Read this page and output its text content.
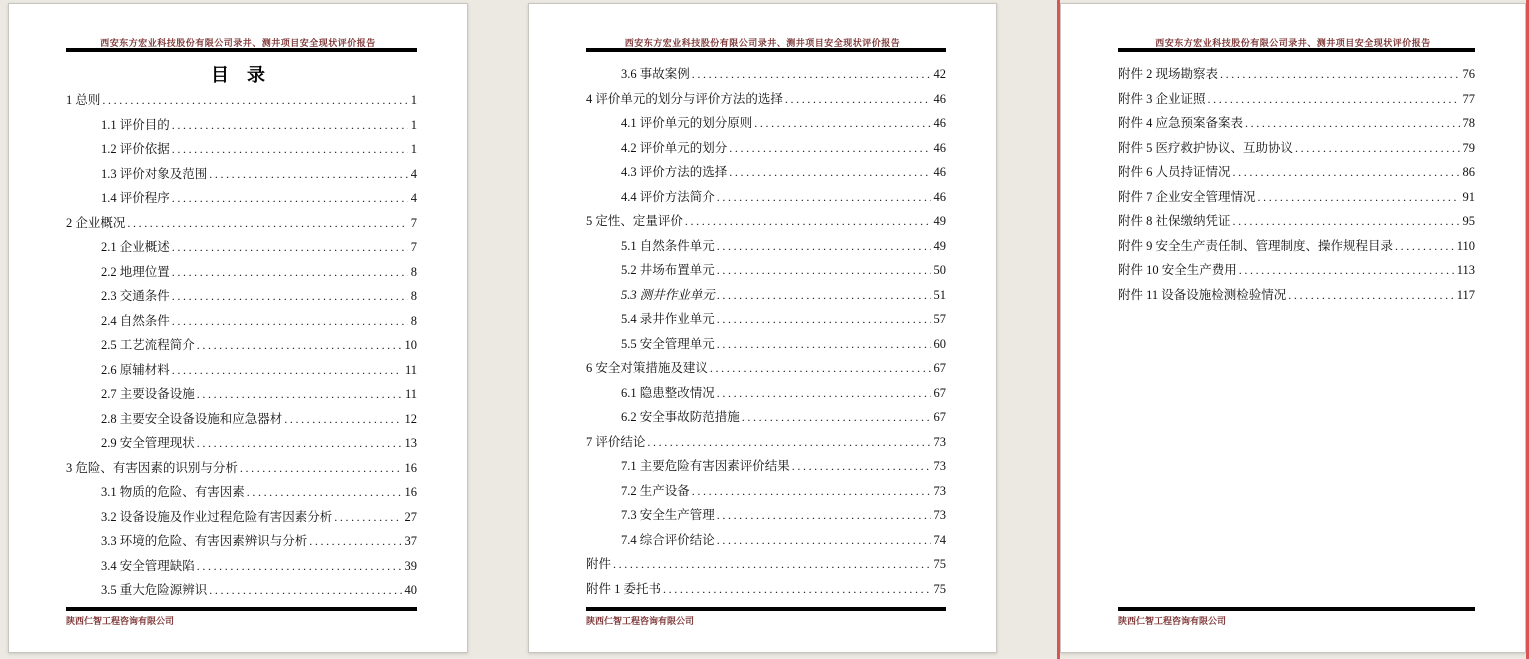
西安东方宏业科技股份有限公司录井、测井项目安全现状评价报告
目　录
1 总则 .....	1
1.1 评价目的 .....	1
1.2 评价依据 .....	1
1.3 评价对象及范围 .....	4
1.4 评价程序 .....	4
2 企业概况 .....	7
2.1 企业概述 .....	7
2.2 地理位置 .....	8
2.3 交通条件 .....	8
2.4 自然条件 .....	8
2.5 工艺流程简介 .....	10
2.6 原辅材料 .....	11
2.7 主要设备设施 .....	11
2.8 主要安全设备设施和应急器材 .....	12
2.9 安全管理现状 .....	13
3 危险、有害因素的识别与分析 .....	16
3.1 物质的危险、有害因素 .....	16
3.2 设备设施及作业过程危险有害因素分析 .....	27
3.3 环境的危险、有害因素辨识与分析 .....	37
3.4 安全管理缺陷 .....	39
3.5 重大危险源辨识 .....	40
陕西仁智工程咨询有限公司
西安东方宏业科技股份有限公司录井、测井项目安全现状评价报告
3.6 事故案例 .....	42
4 评价单元的划分与评价方法的选择 .....	46
4.1 评价单元的划分原则 .....	46
4.2 评价单元的划分 .....	46
4.3 评价方法的选择 .....	46
4.4 评价方法简介 .....	46
5 定性、定量评价 .....	49
5.1 自然条件单元 .....	49
5.2 井场布置单元 .....	50
5.3 测井作业单元 .....	51
5.4 录井作业单元 .....	57
5.5 安全管理单元 .....	60
6 安全对策措施及建议 .....	67
6.1 隐患整改情况 .....	67
6.2 安全事故防范措施 .....	67
7 评价结论 .....	73
7.1 主要危险有害因素评价结果 .....	73
7.2 生产设备 .....	73
7.3 安全生产管理 .....	73
7.4 综合评价结论 .....	74
附件 .....	75
附件 1 委托书 .....	75
陕西仁智工程咨询有限公司
西安东方宏业科技股份有限公司录井、测井项目安全现状评价报告
附件 2 现场勘察表 .....	76
附件 3 企业证照 .....	77
附件 4 应急预案备案表 .....	78
附件 5 医疗救护协议、互助协议 .....	79
附件 6 人员持证情况 .....	86
附件 7 企业安全管理情况 .....	91
附件 8 社保缴纳凭证 .....	95
附件 9 安全生产责任制、管理制度、操作规程目录 .....	110
附件 10 安全生产费用 .....	113
附件 11 设备设施检测检验情况 .....	117
陕西仁智工程咨询有限公司
